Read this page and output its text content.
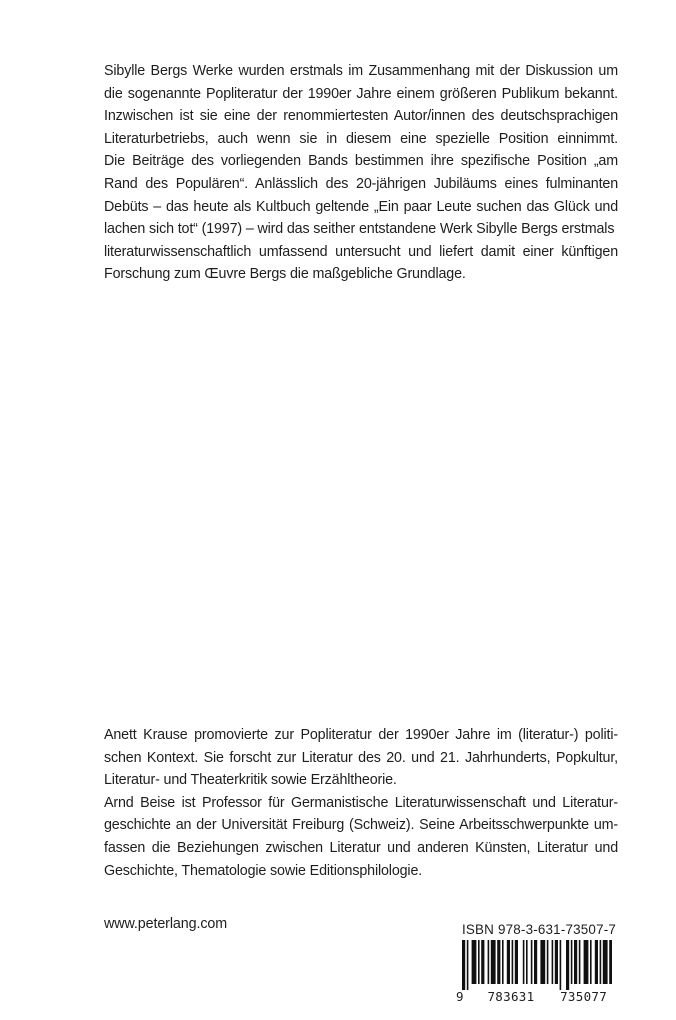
Sibylle Bergs Werke wurden erstmals im Zusammenhang mit der Diskussion um
die sogenannte Popliteratur der 1990er Jahre einem größeren Publikum bekannt.
Inzwischen ist sie eine der renommiertesten Autor/innen des deutschsprachigen
Literaturbetriebs, auch wenn sie in diesem eine spezielle Position einnimmt.
Die Beiträge des vorliegenden Bands bestimmen ihre spezifische Position „am
Rand des Populären“. Anlässlich des 20-jährigen Jubiläums eines fulminanten
Debüts – das heute als Kultbuch geltende „Ein paar Leute suchen das Glück und
lachen sich tot“ (1997) – wird das seither entstandene Werk Sibylle Bergs erstmals
literaturwissenschaftlich umfassend untersucht und liefert damit einer künftigen
Forschung zum Œuvre Bergs die maßgebliche Grundlage.
Anett Krause promovierte zur Popliteratur der 1990er Jahre im (literatur-) politi-
schen Kontext. Sie forscht zur Literatur des 20. und 21. Jahrhunderts, Popkultur,
Literatur- und Theaterkritik sowie Erzähltheorie.
Arnd Beise ist Professor für Germanistische Literaturwissenschaft und Literatur-
geschichte an der Universität Freiburg (Schweiz). Seine Arbeitsschwerpunkte um-
fassen die Beziehungen zwischen Literatur und anderen Künsten, Literatur und
Geschichte, Thematologie sowie Editionsphilologie.
www.peterlang.com	ISBN 978-3-631-73507-7
9 783631 735077
